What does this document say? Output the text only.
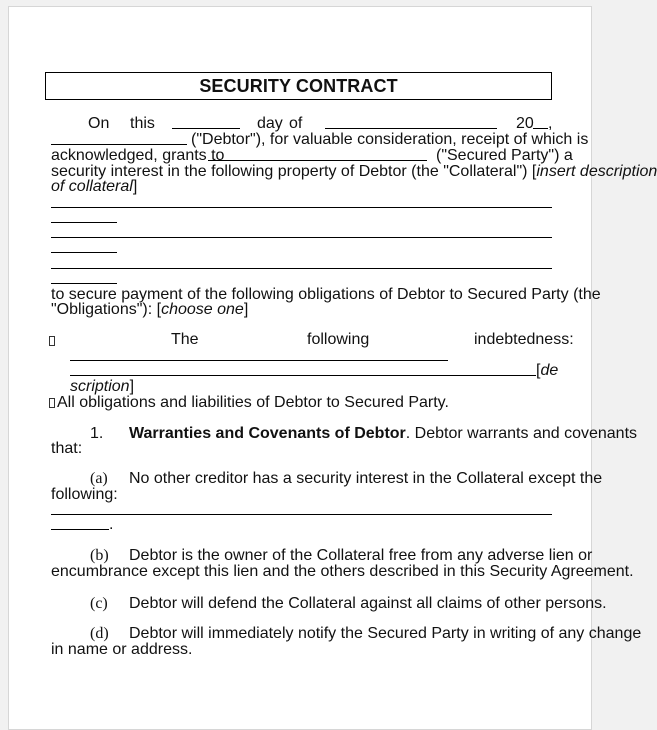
SECURITY CONTRACT
On this	day of	20 ,
("Debtor"), for valuable consideration, receipt of which is
acknowledged, grants to	("Secured Party") a
security interest in the following property of Debtor (the "Collateral") [insert description
of collateral]
to secure payment of the following obligations of Debtor to Secured Party (the
"Obligations"): [choose one]
The	following	indebtedness:
[de
scription]
All obligations and liabilities of Debtor to Secured Party.
1. Warranties and Covenants of Debtor. Debtor warrants and covenants
that:
(a) No other creditor has a security interest in the Collateral except the
following:
.
(b) Debtor is the owner of the Collateral free from any adverse lien or
encumbrance except this lien and the others described in this Security Agreement.
(c) Debtor will defend the Collateral against all claims of other persons.
(d) Debtor will immediately notify the Secured Party in writing of any change
in name or address.
